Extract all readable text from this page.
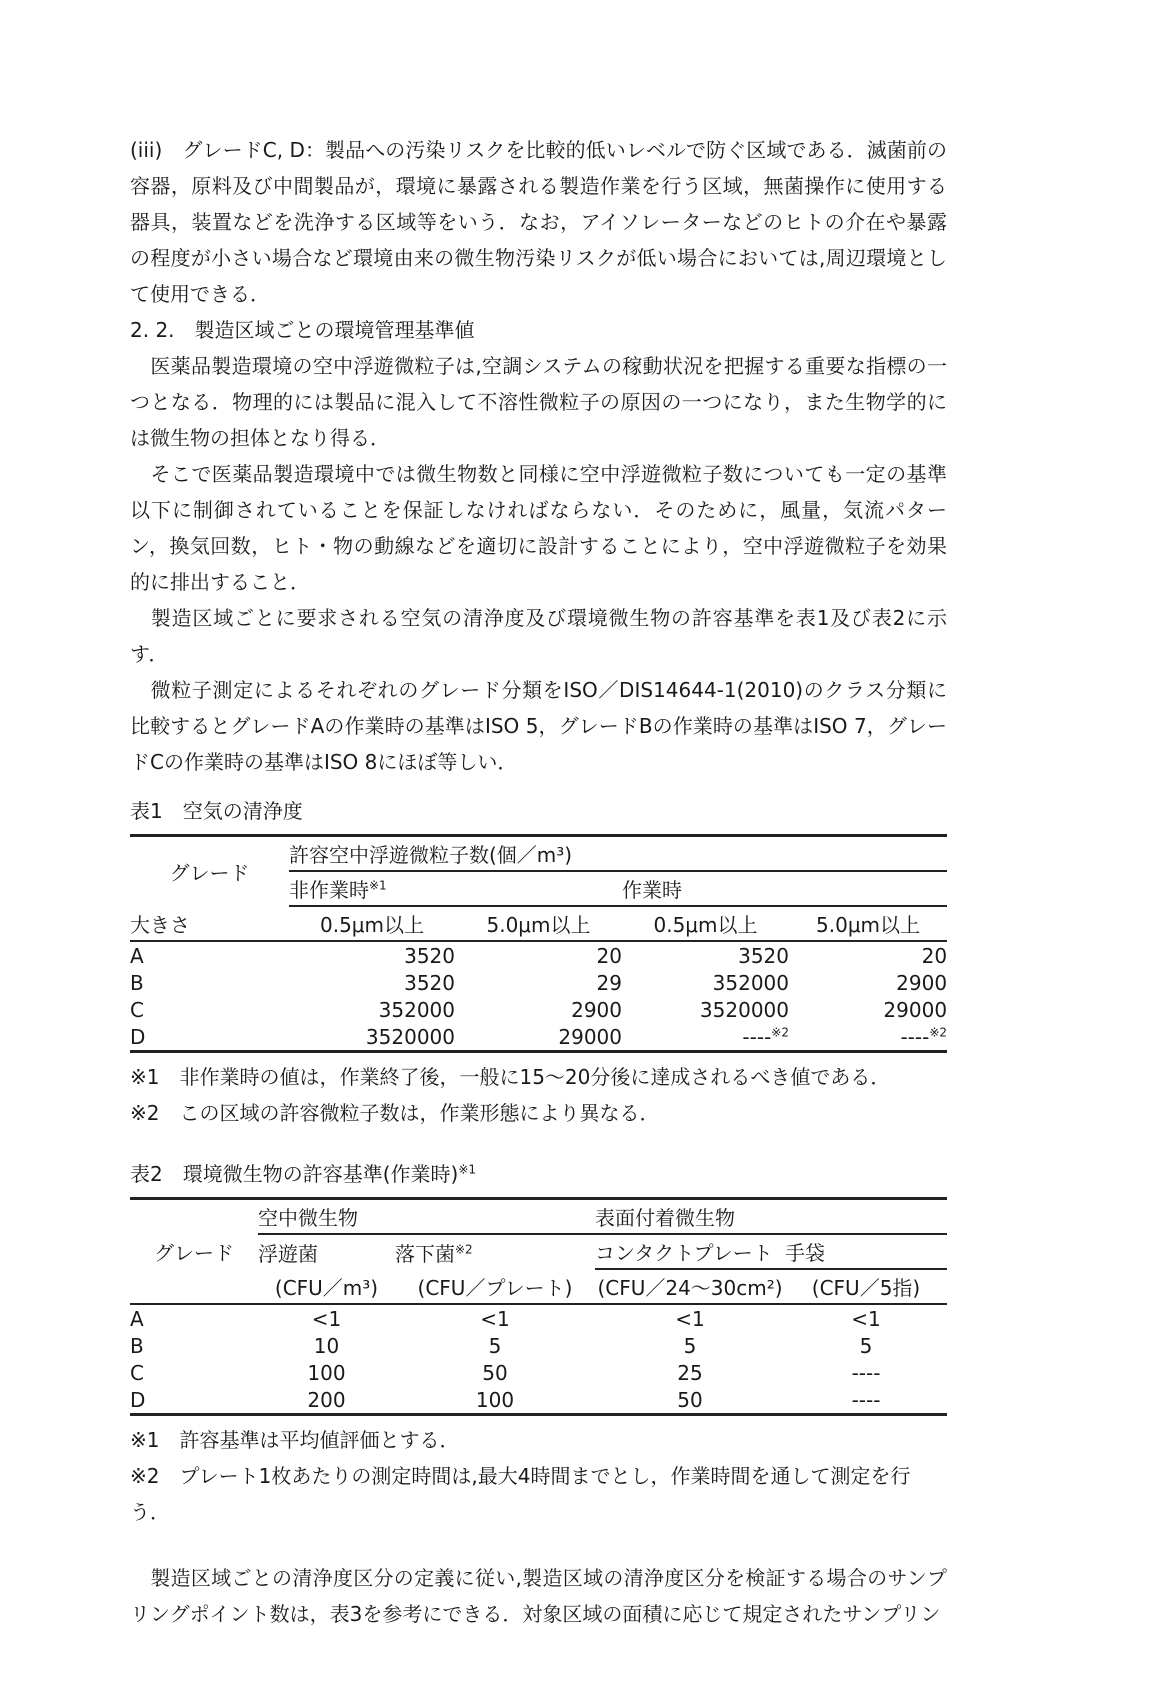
(iii)　グレードC, D：製品への汚染リスクを比較的低いレベルで防ぐ区域である．滅菌前の容器，原料及び中間製品が，環境に暴露される製造作業を行う区域，無菌操作に使用する器具，装置などを洗浄する区域等をいう．なお，アイソレーターなどのヒトの介在や暴露の程度が小さい場合など環境由来の微生物汚染リスクが低い場合においては,周辺環境として使用できる．

2. 2.　製造区域ごとの環境管理基準値

　医薬品製造環境の空中浮遊微粒子は,空調システムの稼動状況を把握する重要な指標の一つとなる．物理的には製品に混入して不溶性微粒子の原因の一つになり，また生物学的には微生物の担体となり得る．

　そこで医薬品製造環境中では微生物数と同様に空中浮遊微粒子数についても一定の基準以下に制御されていることを保証しなければならない．そのために，風量，気流パターン，換気回数，ヒト・物の動線などを適切に設計することにより，空中浮遊微粒子を効果的に排出すること．

　製造区域ごとに要求される空気の清浄度及び環境微生物の許容基準を表1及び表2に示す．

　微粒子測定によるそれぞれのグレード分類をISO／DIS14644-1(2010)のクラス分類に比較するとグレードAの作業時の基準はISO 5，グレードBの作業時の基準はISO 7，グレードCの作業時の基準はISO 8にほぼ等しい．

表1　空気の清浄度

グレード	許容空中浮遊微粒子数(個／m³)			
	非作業時$^{※1}$		作業時	
大きさ	0.5μm以上	5.0μm以上	0.5μm以上	5.0μm以上
A	3520	20	3520	20
B	3520	29	352000	2900
C	352000	2900	3520000	29000
D	3520000	29000	----$^{※2}$	----$^{※2}$

※1　非作業時の値は，作業終了後，一般に15～20分後に達成されるべき値である．

※2　この区域の許容微粒子数は，作業形態により異なる．

表2　環境微生物の許容基準(作業時)$^{※1}$

グレード	空中微生物		表面付着微生物	
	浮遊菌	落下菌$^{※2}$	コンタクトプレート	手袋
	(CFU／m³)	(CFU／プレート)	(CFU／24～30cm²)	(CFU／5指)
A	<1	<1	<1	<1
B	10	5	5	5
C	100	50	25	----
D	200	100	50	----

※1　許容基準は平均値評価とする．

※2　プレート1枚あたりの測定時間は,最大4時間までとし，作業時間を通して測定を行う．

　製造区域ごとの清浄度区分の定義に従い,製造区域の清浄度区分を検証する場合のサンプリングポイント数は，表3を参考にできる．対象区域の面積に応じて規定されたサンプリン
